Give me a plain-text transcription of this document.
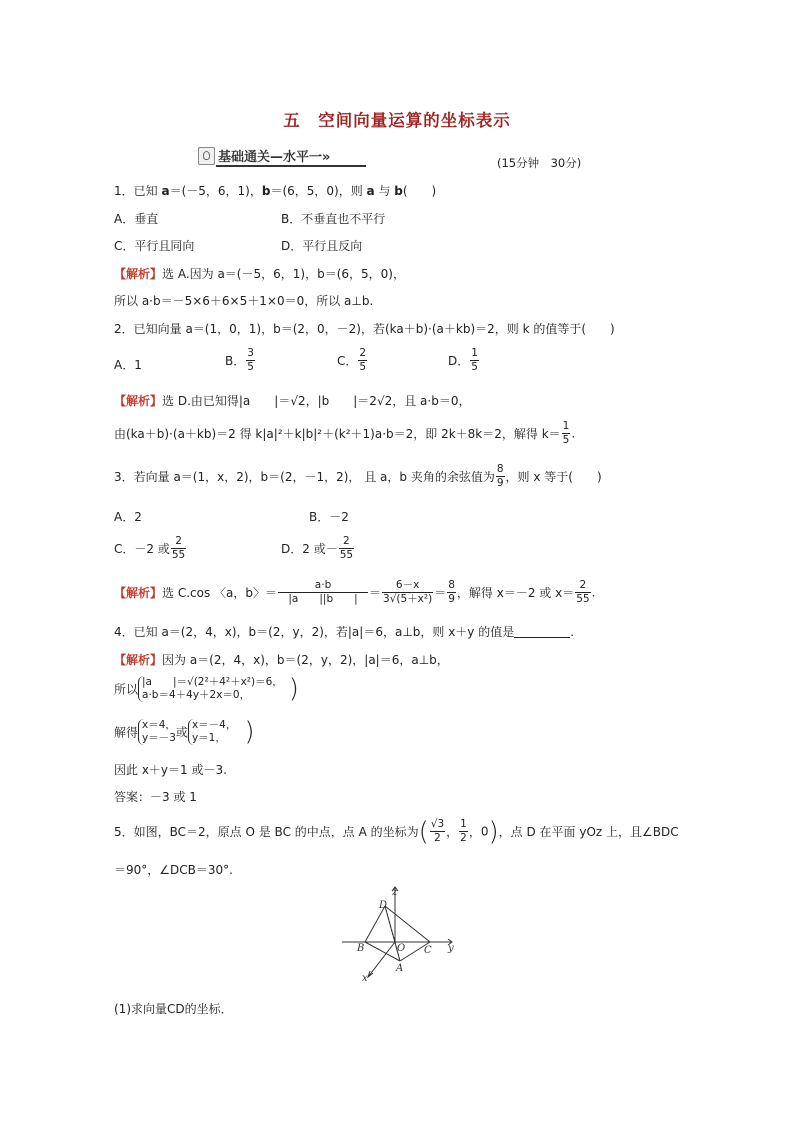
五　空间向量运算的坐标表示
基础通关—水平一»	(15分钟　30分)
1．已知 a＝(－5，6，1)，b＝(6，5，0)，则 a 与 b(　　)
A．垂直	B．不垂直也不平行
C．平行且同向	D．平行且反向
【解析】选 A.因为 a＝(－5，6，1)，b＝(6，5，0)，
所以 a·b＝－5×6＋6×5＋1×0＝0，所以 a⊥b.
2．已知向量 a＝(1，0，1)，b＝(2，0，－2)，若(ka＋b)·(a＋kb)＝2，则 k 的值等于(　　)
A．1	B． $\frac{3}{5}$	C． $\frac{2}{5}$	D． $\frac{1}{5}$
【解析】选 D.由已知得|a　　|＝√2，|b　　|＝2√2，且 a·b＝0，
由(ka＋b)·(a＋kb)＝2 得 k|a|²＋k|b|²＋(k²＋1)a·b＝2，即 2k＋8k＝2，解得 $k= \frac{1}{5}$ .
3．若向量 a＝(1，x，2)，b＝(2，－1，2)， 且 a，b 夹角的余弦值为 $\frac{8}{9}$ ，则 x 等于(　　)
A．2	B．－2
C．－2 或 $\frac{2}{55}$	D．2 或－ $\frac{2}{55}$
【解析】选 C.cos 〈a，b〉＝ $\frac{a\cdot b}{|a ||b |} = \frac{6-x}{\text{3√(5＋x²)}} = \frac{8}{9}$ ，解得 x＝－2 或 $x= \frac{2}{55}$ .
4．已知 a＝(2，4，x)，b＝(2，y，2)，若|a|＝6，a⊥b，则 x＋y 的值是	.
【解析】因为 a＝(2，4，x)，b＝(2，y，2)，|a|＝6，a⊥b，
所以
|a　　|＝√(2²＋4²＋x²)＝6，
a·b＝4＋4y＋2x＝0，	)
解得
x＝4，
y＝－3 或
x＝－4，
y＝1， )
因此 x＋y＝1 或－3.
答案：－3 或 1
5．如图，BC＝2，原点 O 是 BC 的中点，点 A 的坐标为( $\frac{√3}{2}$ ， $\frac{1}{2}$ ，0)，点 D 在平面 yOz 上，且∠BDC
＝90°，∠DCB＝30°.
D
B	O
A
C
x
y
z
(1)求向量CD的坐标．
